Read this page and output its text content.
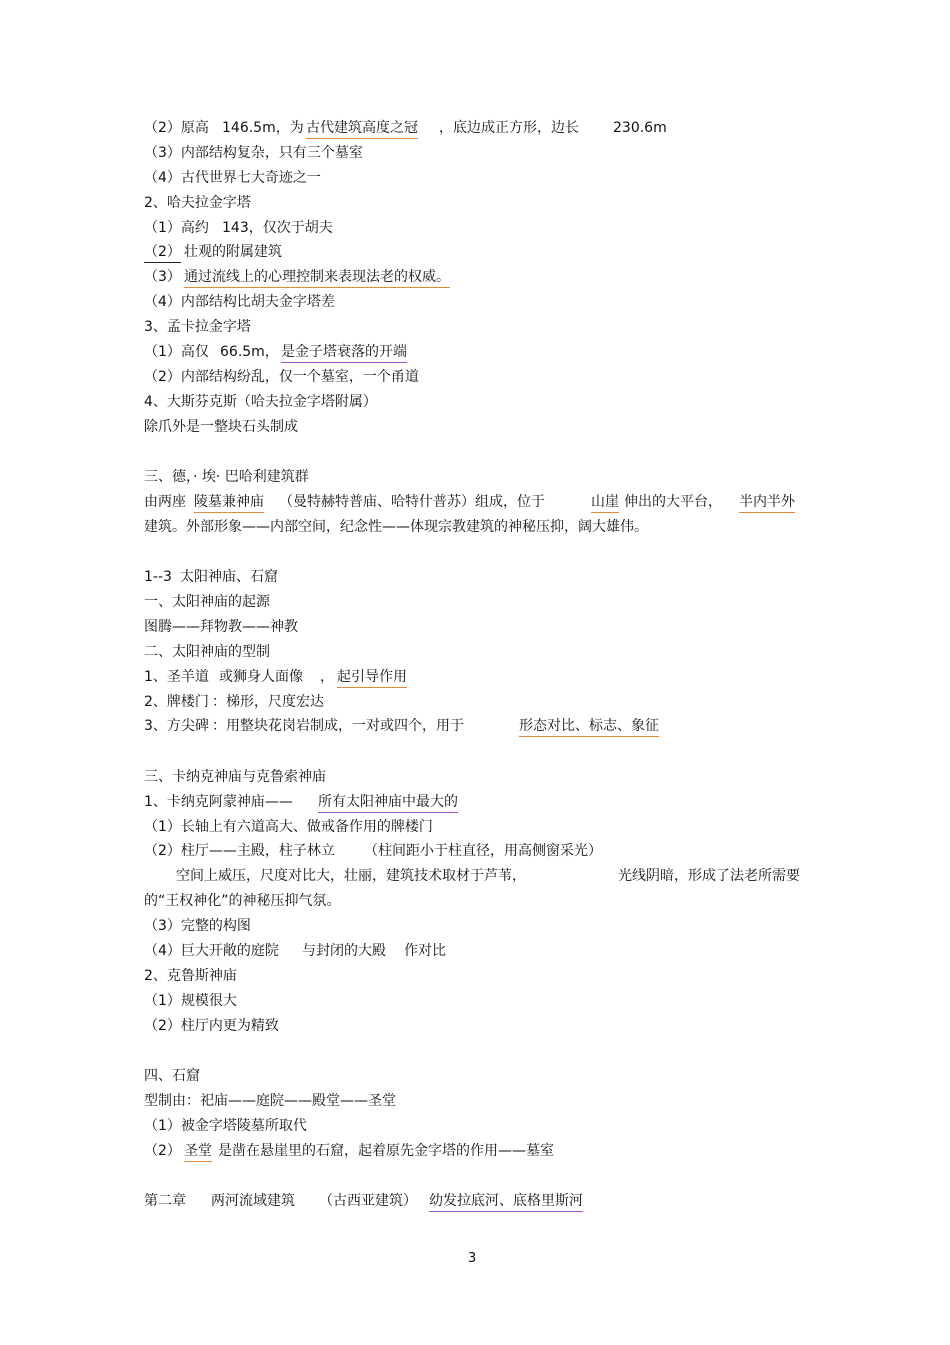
（2）原高 146.5m，为 古代建筑高度之冠 ，底边成正方形，边长 230.6m
（3）内部结构复杂，只有三个墓室
（4）古代世界七大奇迹之一
2、哈夫拉金字塔
（1）高约 143，仅次于胡夫
（2） 壮观的附属建筑
（3） 通过流线上的心理控制来表现法老的权威。
（4）内部结构比胡夫金字塔差
3、孟卡拉金字塔
（1）高仅 66.5m， 是金子塔衰落的开端
（2）内部结构纷乱，仅一个墓室，一个甬道
4、大斯芬克斯（哈夫拉金字塔附属）
除爪外是一整块石头制成
三、德，· 埃· 巴哈利建筑群
由两座 陵墓兼神庙 （曼特赫特普庙、哈特什普苏）组成，位于	山崖 伸出的大平台， 半内半外
建筑。外部形象——内部空间，纪念性——体现宗教建筑的神秘压抑，阔大雄伟。
1--3 太阳神庙、石窟
一、太阳神庙的起源
图腾——拜物教——神教
二、太阳神庙的型制
1、圣羊道 或狮身人面像 ， 起引导作用
2、牌楼门 ：梯形，尺度宏达
3、方尖碑 ：用整块花岗岩制成，一对或四个，用于	形态对比、标志、象征
三、卡纳克神庙与克鲁索神庙
1、卡纳克阿蒙神庙—— 所有太阳神庙中最大的
（1）长轴上有六道高大、做戒备作用的牌楼门
（2）柱厅——主殿，柱子林立 （柱间距小于柱直径，用高侧窗采光）
空间上威压，尺度对比大，壮丽，建筑技术取材于芦苇，	光线阴暗，形成了法老所需要
的“王权神化”的神秘压抑气氛。
（3）完整的构图
（4）巨大开敞的庭院 与封闭的大殿 作对比
2、克鲁斯神庙
（1）规模很大
（2）柱厅内更为精致
四、石窟
型制由：祀庙——庭院——殿堂——圣堂
（1）被金字塔陵墓所取代
（2） 圣堂 是凿在悬崖里的石窟，起着原先金字塔的作用——墓室
第二章 两河流域建筑 （古西亚建筑） 幼发拉底河、底格里斯河
3
